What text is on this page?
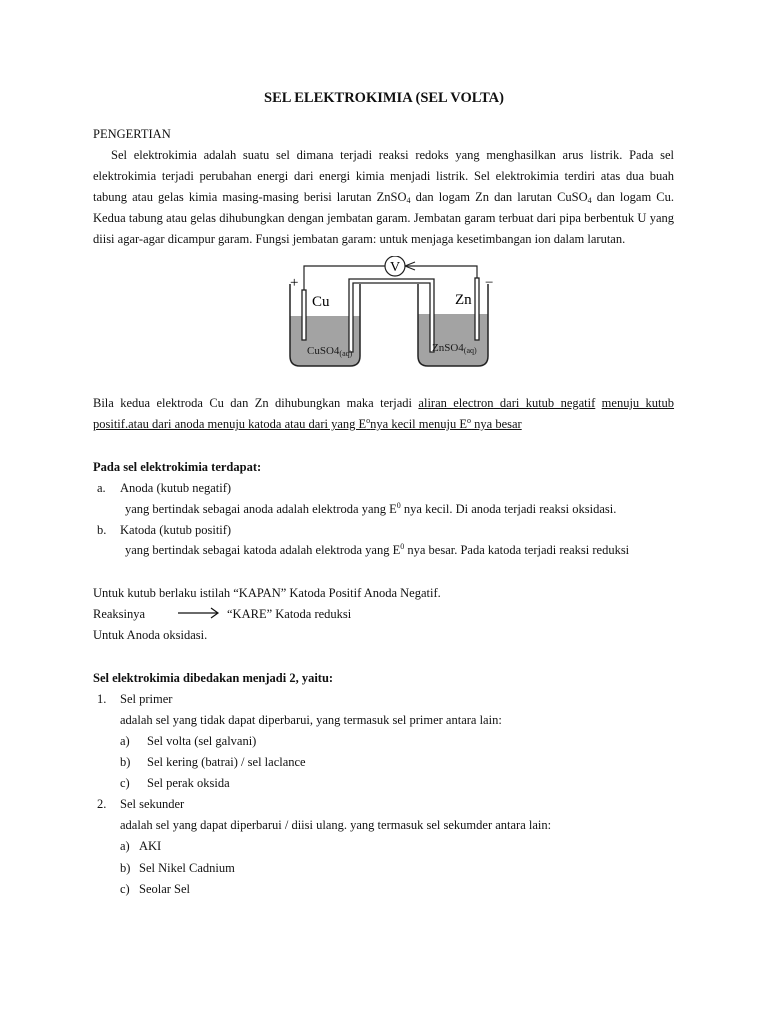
SEL ELEKTROKIMIA (SEL VOLTA)
PENGERTIAN
Sel elektrokimia adalah suatu sel dimana terjadi reaksi redoks yang menghasilkan arus listrik. Pada sel elektrokimia terjadi perubahan energi dari energi kimia menjadi listrik. Sel elektrokimia terdiri atas dua buah tabung atau gelas kimia masing-masing berisi larutan ZnSO$_4$ dan logam Zn dan larutan CuSO$_4$ dan logam Cu. Kedua tabung atau gelas dihubungkan dengan jembatan garam. Jembatan garam terbuat dari pipa berbentuk U yang diisi agar-agar dicampur garam. Fungsi jembatan garam: untuk menjaga kesetimbangan ion dalam larutan.
V
+	−
Cu	Zn
CuSO4(aq)	ZnSO4(aq)
Bila kedua elektroda Cu dan Zn dihubungkan maka terjadi aliran electron dari kutub negatif menuju kutub positif.atau dari anoda menuju katoda atau dari yang $E^onya$ kecil menuju $E^o$ nya besar
Pada sel elektrokimia terdapat:
a. Anoda (kutub negatif)
yang bertindak sebagai anoda adalah elektroda yang $E^0$ nya kecil. Di anoda terjadi reaksi oksidasi.
b. Katoda (kutub positif)
yang bertindak sebagai katoda adalah elektroda yang $E^0$ nya besar. Pada katoda terjadi reaksi reduksi
Untuk kutub berlaku istilah “KAPAN” Katoda Positif Anoda Negatif.
Reaksinya	“KARE” Katoda reduksi
Untuk Anoda oksidasi.
Sel elektrokimia dibedakan menjadi 2, yaitu:
1. Sel primer
adalah sel yang tidak dapat diperbarui, yang termasuk sel primer antara lain:
a) Sel volta (sel galvani)
b) Sel kering (batrai) / sel laclance
c) Sel perak oksida
2. Sel sekunder
adalah sel yang dapat diperbarui / diisi ulang. yang termasuk sel sekumder antara lain:
a) AKI
b) Sel Nikel Cadnium
c) Seolar Sel
